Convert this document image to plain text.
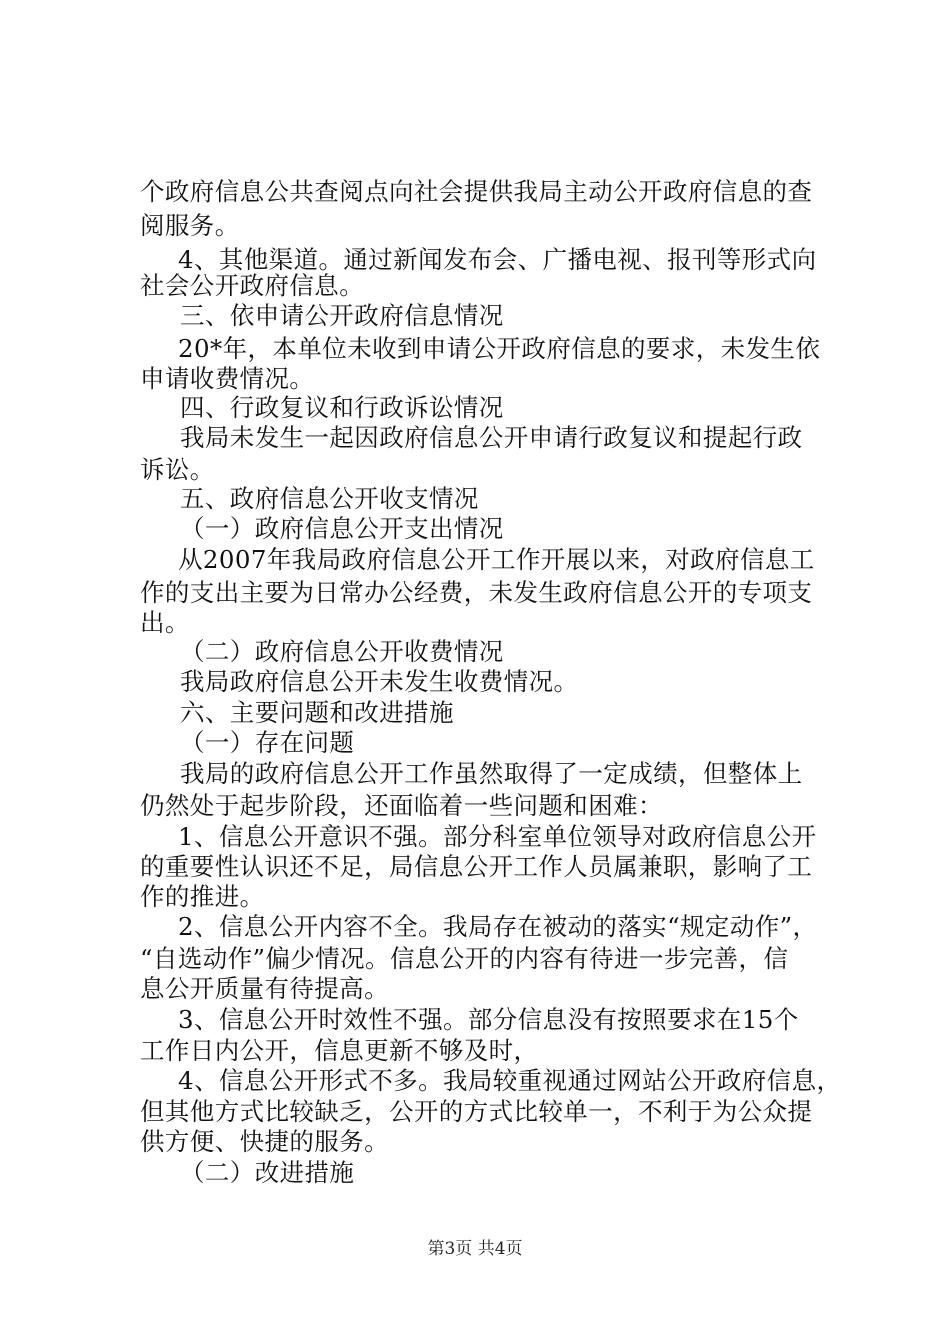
个政府信息公共查阅点向社会提供我局主动公开政府信息的查
阅服务。
4、其他渠道。通过新闻发布会、广播电视、报刊等形式向
社会公开政府信息。
三、依申请公开政府信息情况
20*年，本单位未收到申请公开政府信息的要求，未发生依
申请收费情况。
四、行政复议和行政诉讼情况
我局未发生一起因政府信息公开申请行政复议和提起行政
诉讼。
五、政府信息公开收支情况
（一）政府信息公开支出情况
从2007年我局政府信息公开工作开展以来，对政府信息工
作的支出主要为日常办公经费，未发生政府信息公开的专项支
出。
（二）政府信息公开收费情况
我局政府信息公开未发生收费情况。
六、主要问题和改进措施
（一）存在问题
我局的政府信息公开工作虽然取得了一定成绩，但整体上
仍然处于起步阶段，还面临着一些问题和困难：
1、信息公开意识不强。部分科室单位领导对政府信息公开
的重要性认识还不足，局信息公开工作人员属兼职，影响了工
作的推进。
2、信息公开内容不全。我局存在被动的落实“规定动作”，
“自选动作”偏少情况。信息公开的内容有待进一步完善，信
息公开质量有待提高。
3、信息公开时效性不强。部分信息没有按照要求在15个
工作日内公开，信息更新不够及时，
4、信息公开形式不多。我局较重视通过网站公开政府信息，
但其他方式比较缺乏，公开的方式比较单一，不利于为公众提
供方便、快捷的服务。
（二）改进措施
第3页 共4页
